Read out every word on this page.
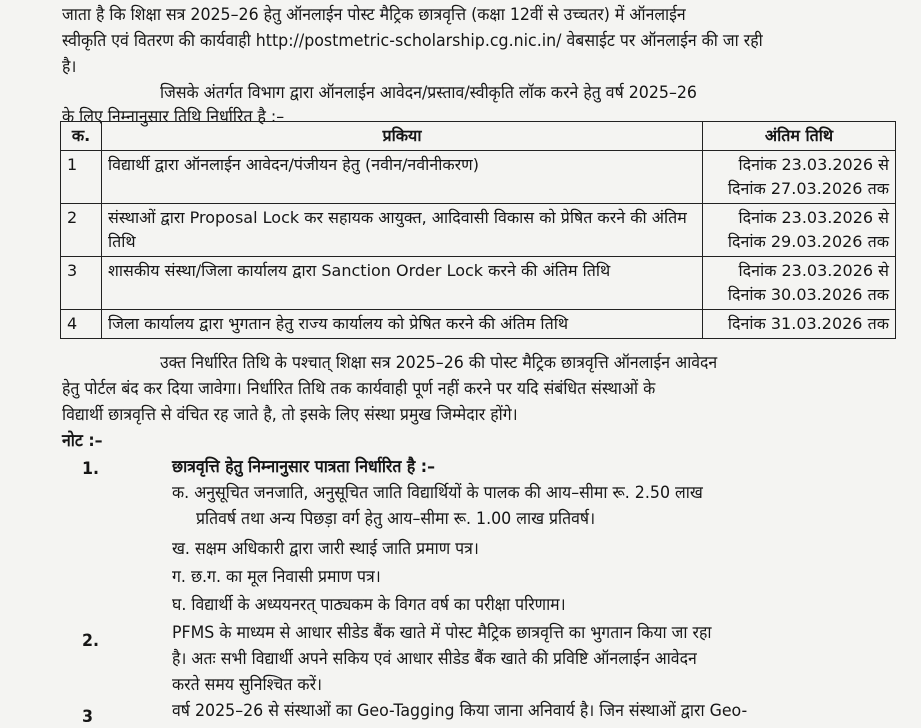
जाता है कि शिक्षा सत्र 2025–26 हेतु ऑनलाईन पोस्ट मैट्रिक छात्रवृत्ति (कक्षा 12वीं से उच्चतर) में ऑनलाईन
स्वीकृति एवं वितरण की कार्यवाही http://postmetric-scholarship.cg.nic.in/ वेबसाईट पर ऑनलाईन की जा रही
है।
जिसके अंतर्गत विभाग द्वारा ऑनलाईन आवेदन/प्रस्ताव/स्वीकृति लॉक करने हेतु वर्ष 2025–26
के लिए निम्नानुसार तिथि निर्धारित है :–
क.	प्रकिया	अंतिम तिथि
1	विद्यार्थी द्वारा ऑनलाईन आवेदन/पंजीयन हेतु (नवीन/नवीनीकरण)	दिनांक 23.03.2026 से
दिनांक 27.03.2026 तक

2	संस्थाओं द्वारा Proposal Lock कर सहायक आयुक्त, आदिवासी विकास को प्रेषित करने की अंतिम तिथि	दिनांक 23.03.2026 से
दिनांक 29.03.2026 तक

3	शासकीय संस्था/जिला कार्यालय द्वारा Sanction Order Lock करने की अंतिम तिथि	दिनांक 23.03.2026 से
दिनांक 30.03.2026 तक

4	जिला कार्यालय द्वारा भुगतान हेतु राज्य कार्यालय को प्रेषित करने की अंतिम तिथि	दिनांक 31.03.2026 तक
उक्त निर्धारित तिथि के पश्चात् शिक्षा सत्र 2025–26 की पोस्ट मैट्रिक छात्रवृत्ति ऑनलाईन आवेदन
हेतु पोर्टल बंद कर दिया जावेगा। निर्धारित तिथि तक कार्यवाही पूर्ण नहीं करने पर यदि संबंधित संस्थाओं के
विद्यार्थी छात्रवृत्ति से वंचित रह जाते है, तो इसके लिए संस्था प्रमुख जिम्मेदार होंगे।
नोट :–
1.	छात्रवृत्ति हेतु निम्नानुसार पात्रता निर्धारित है :–
क. अनुसूचित जनजाति, अनुसूचित जाति विद्यार्थियों के पालक की आय–सीमा रू. 2.50 लाख
प्रतिवर्ष तथा अन्य पिछड़ा वर्ग हेतु आय–सीमा रू. 1.00 लाख प्रतिवर्ष।
ख. सक्षम अधिकारी द्वारा जारी स्थाई जाति प्रमाण पत्र।
ग. छ.ग. का मूल निवासी प्रमाण पत्र।
घ. विद्यार्थी के अध्ययनरत् पाठ्यकम के विगत वर्ष का परीक्षा परिणाम।
2.	PFMS के माध्यम से आधार सीडेड बैंक खाते में पोस्ट मैट्रिक छात्रवृत्ति का भुगतान किया जा रहा
है। अतः सभी विद्यार्थी अपने सकिय एवं आधार सीडेड बैंक खाते की प्रविष्टि ऑनलाईन आवेदन
करते समय सुनिश्चित करें।
3	वर्ष 2025–26 से संस्थाओं का Geo-Tagging किया जाना अनिवार्य है। जिन संस्थाओं द्वारा Geo-
